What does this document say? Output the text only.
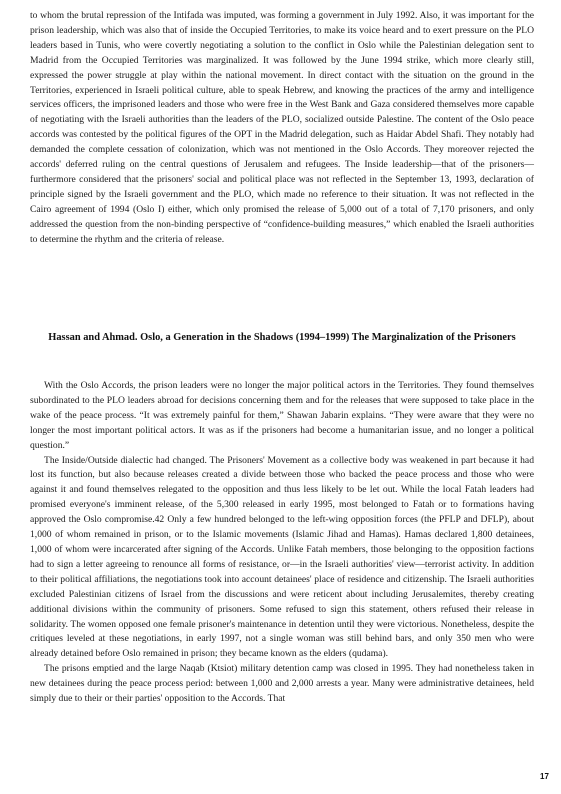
to whom the brutal repression of the Intifada was imputed, was forming a government in July 1992. Also, it was important for the prison leadership, which was also that of inside the Occupied Territories, to make its voice heard and to exert pressure on the PLO leaders based in Tunis, who were covertly negotiating a solution to the conflict in Oslo while the Palestinian delegation sent to Madrid from the Occupied Territories was marginalized. It was followed by the June 1994 strike, which more clearly still, expressed the power struggle at play within the national movement. In direct contact with the situation on the ground in the Territories, experienced in Israeli political culture, able to speak Hebrew, and knowing the practices of the army and intelligence services officers, the imprisoned leaders and those who were free in the West Bank and Gaza considered themselves more capable of negotiating with the Israeli authorities than the leaders of the PLO, socialized outside Palestine. The content of the Oslo peace accords was contested by the political figures of the OPT in the Madrid delegation, such as Haidar Abdel Shafi. They notably had demanded the complete cessation of colonization, which was not mentioned in the Oslo Accords. They moreover rejected the accords' deferred ruling on the central questions of Jerusalem and refugees. The Inside leadership—that of the prisoners—furthermore considered that the prisoners' social and political place was not reflected in the September 13, 1993, declaration of principle signed by the Israeli government and the PLO, which made no reference to their situation. It was not reflected in the Cairo agreement of 1994 (Oslo I) either, which only promised the release of 5,000 out of a total of 7,170 prisoners, and only addressed the question from the non-binding perspective of “confidence-building measures,” which enabled the Israeli authorities to determine the rhythm and the criteria of release.

Hassan and Ahmad. Oslo, a Generation in the Shadows (1994–1999) The Marginalization of the Prisoners

With the Oslo Accords, the prison leaders were no longer the major political actors in the Territories. They found themselves subordinated to the PLO leaders abroad for decisions concerning them and for the releases that were supposed to take place in the wake of the peace process. “It was extremely painful for them,” Shawan Jabarin explains. “They were aware that they were no longer the most important political actors. It was as if the prisoners had become a humanitarian issue, and no longer a political question.”

The Inside/Outside dialectic had changed. The Prisoners' Movement as a collective body was weakened in part because it had lost its function, but also because releases created a divide between those who backed the peace process and those who were against it and found themselves relegated to the opposition and thus less likely to be let out. While the local Fatah leaders had promised everyone's imminent release, of the 5,300 released in early 1995, most belonged to Fatah or to formations having approved the Oslo compromise.42 Only a few hundred belonged to the left-wing opposition forces (the PFLP and DFLP), about 1,000 of whom remained in prison, or to the Islamic movements (Islamic Jihad and Hamas). Hamas declared 1,800 detainees, 1,000 of whom were incarcerated after signing of the Accords. Unlike Fatah members, those belonging to the opposition factions had to sign a letter agreeing to renounce all forms of resistance, or—in the Israeli authorities' view—terrorist activity. In addition to their political affiliations, the negotiations took into account detainees' place of residence and citizenship. The Israeli authorities excluded Palestinian citizens of Israel from the discussions and were reticent about including Jerusalemites, thereby creating additional divisions within the community of prisoners. Some refused to sign this statement, others refused their release in solidarity. The women opposed one female prisoner's maintenance in detention until they were victorious. Nonetheless, despite the critiques leveled at these negotiations, in early 1997, not a single woman was still behind bars, and only 350 men who were already detained before Oslo remained in prison; they became known as the elders (qudama).

The prisons emptied and the large Naqab (Ktsiot) military detention camp was closed in 1995. They had nonetheless taken in new detainees during the peace process period: between 1,000 and 2,000 arrests a year. Many were administrative detainees, held simply due to their or their parties' opposition to the Accords. That

17
